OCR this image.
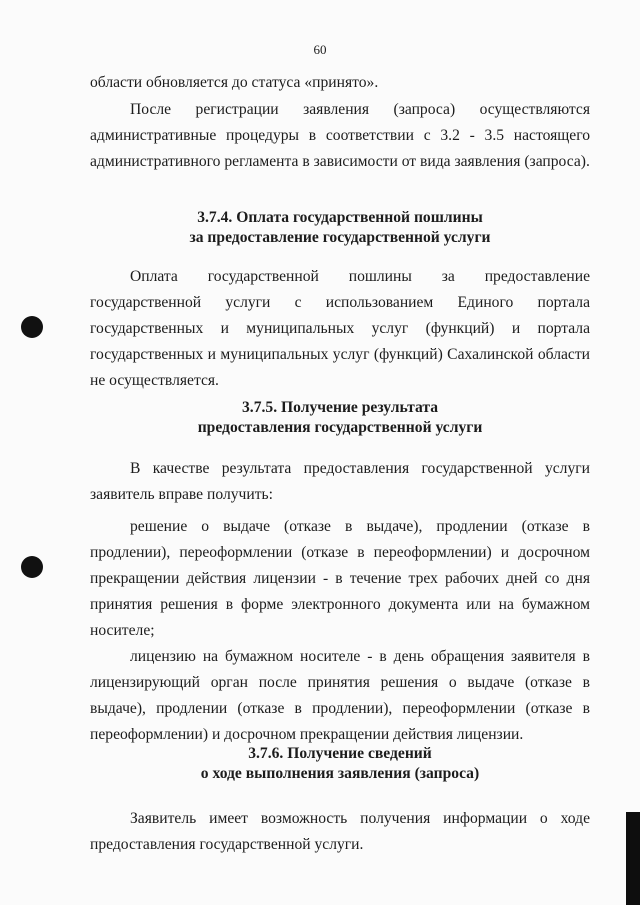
60

области обновляется до статуса «принято».

После регистрации заявления (запроса) осуществляются административные процедуры в соответствии с 3.2 - 3.5 настоящего административного регламента в зависимости от вида заявления (запроса).

3.7.4. Оплата государственной пошлины
за предоставление государственной услуги

Оплата государственной пошлины за предоставление государственной услуги с использованием Единого портала государственных и муниципальных услуг (функций) и портала государственных и муниципальных услуг (функций) Сахалинской области не осуществляется.

3.7.5. Получение результата
предоставления государственной услуги

В качестве результата предоставления государственной услуги заявитель вправе получить:

решение о выдаче (отказе в выдаче), продлении (отказе в продлении), переоформлении (отказе в переоформлении) и досрочном прекращении действия лицензии - в течение трех рабочих дней со дня принятия решения в форме электронного документа или на бумажном носителе;

лицензию на бумажном носителе - в день обращения заявителя в лицензирующий орган после принятия решения о выдаче (отказе в выдаче), продлении (отказе в продлении), переоформлении (отказе в переоформлении) и досрочном прекращении действия лицензии.

3.7.6. Получение сведений
о ходе выполнения заявления (запроса)

Заявитель имеет возможность получения информации о ходе предоставления государственной услуги.
